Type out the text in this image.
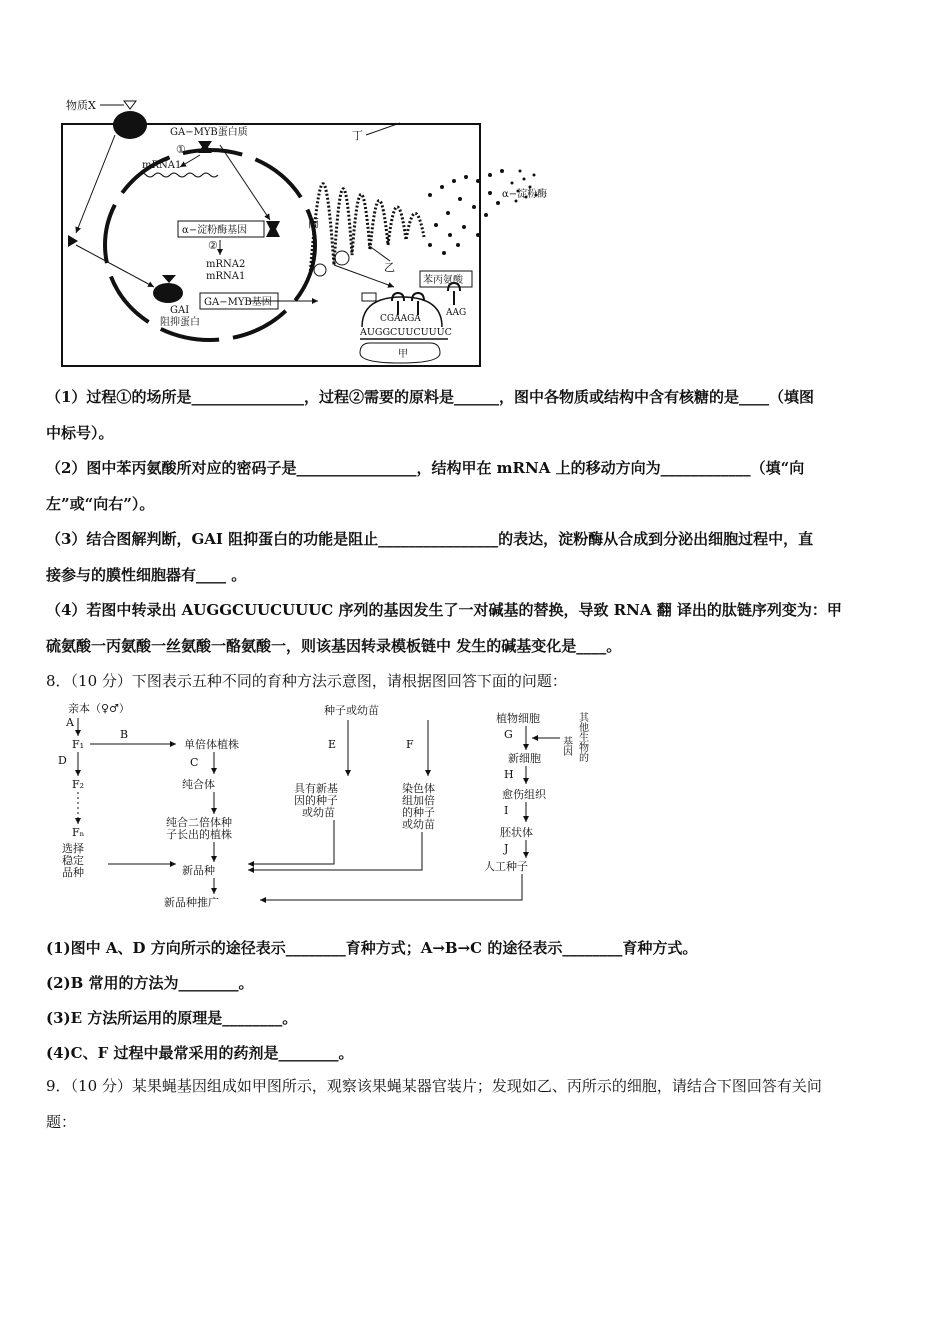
物质X
GA−MYB蛋白质
①
mRNA1
α−淀粉酶基因
②
mRNA2
mRNA1
GA−MYB基因
GAI
阻抑蛋白
丙
丁
α−淀粉酶
乙
苯丙氨酸
CGAAGA
AAG
AUGGCUUCUUUC
甲
（1）过程①的场所是_______________，过程②需要的原料是______，图中各物质或结构中含有核糖的是____（填图
中标号）。
（2）图中苯丙氨酸所对应的密码子是________________，结构甲在 mRNA 上的移动方向为____________（填“向
左”或“向右”）。
（3）结合图解判断，GAI 阻抑蛋白的功能是阻止________________的表达，淀粉酶从合成到分泌出细胞过程中，直
接参与的膜性细胞器有____ 。
（4）若图中转录出 AUGGCUUCUUUC 序列的基因发生了一对碱基的替换，导致 RNA 翻 译出的肽链序列变为：甲
硫氨酸一丙氨酸一丝氨酸一酪氨酸一，则该基因转录模板链中 发生的碱基变化是____。
8．（10 分）下图表示五种不同的育种方法示意图，请根据图回答下面的问题：
亲本（♀♂）
A
F₁
D
F₂
Fₙ
选择
稳定
品种
B
单倍体植株
C
纯合体
纯合二倍体种
子长出的植株
新品种
新品种推广
种子或幼苗
E	F
具有新基
因的种子
或幼苗
染色体
组加倍
的种子
或幼苗
植物细胞	其他生物的
基因
G
新细胞
H
愈伤组织
I
胚状体
J
人工种子
(1)图中 A、D 方向所示的途径表示________育种方式；A→B→C 的途径表示________育种方式。
(2)B 常用的方法为________。
(3)E 方法所运用的原理是________。
(4)C、F 过程中最常采用的药剂是________。
9．（10 分）某果蝇基因组成如甲图所示，观察该果蝇某器官装片；发现如乙、丙所示的细胞，请结合下图回答有关问
题：
